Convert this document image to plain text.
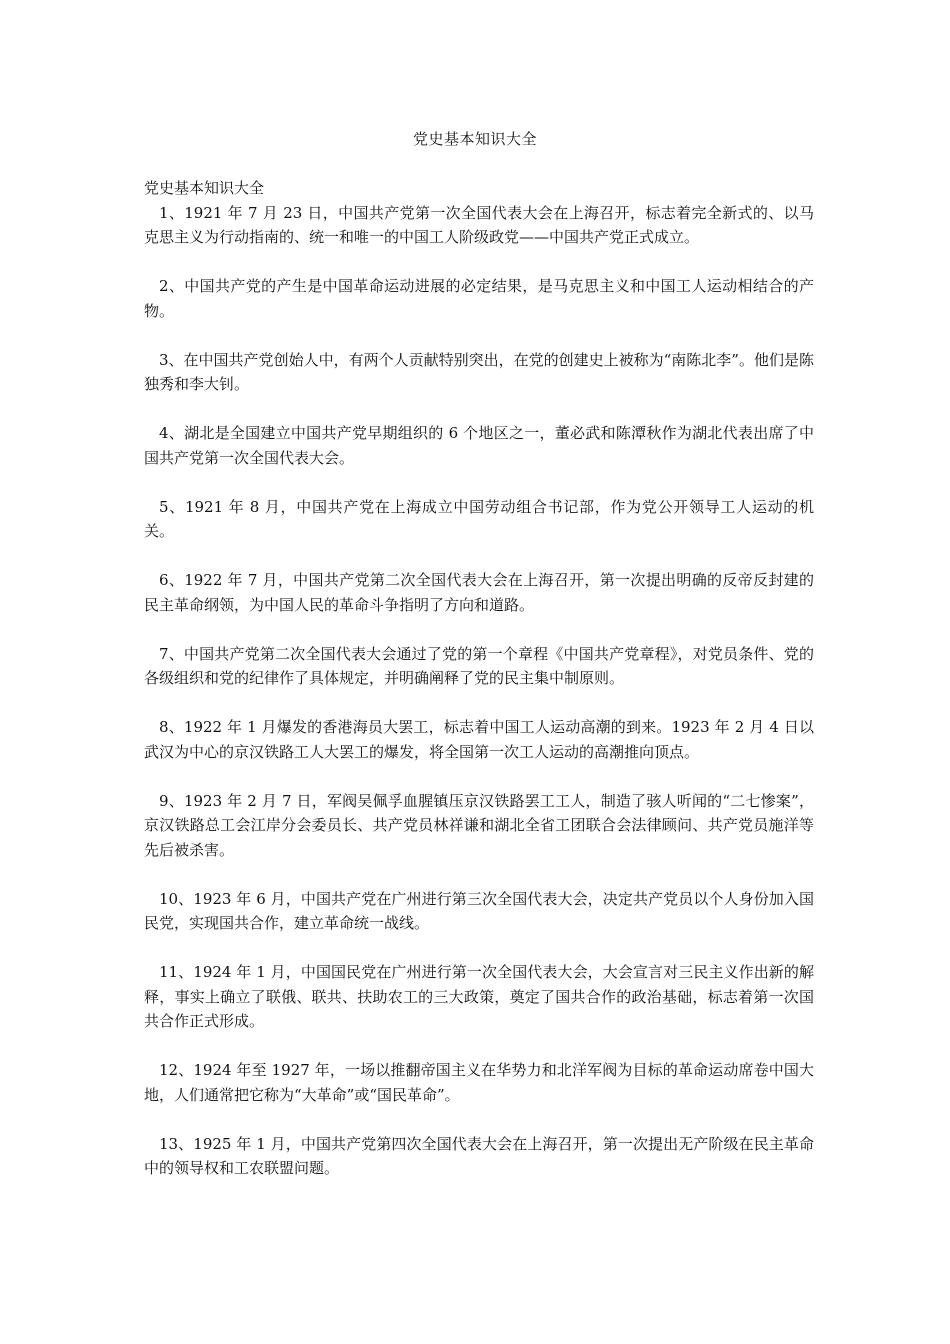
党史基本知识大全

党史基本知识大全

1、1921 年 7 月 23 日，中国共产党第一次全国代表大会在上海召开，标志着完全新式的、以马克思主义为行动指南的、统一和唯一的中国工人阶级政党——中国共产党正式成立。

2、中国共产党的产生是中国革命运动进展的必定结果，是马克思主义和中国工人运动相结合的产物。

3、在中国共产党创始人中，有两个人贡献特别突出，在党的创建史上被称为“南陈北李”。他们是陈独秀和李大钊。

4、湖北是全国建立中国共产党早期组织的 6 个地区之一，董必武和陈潭秋作为湖北代表出席了中国共产党第一次全国代表大会。

5、1921 年 8 月，中国共产党在上海成立中国劳动组合书记部，作为党公开领导工人运动的机关。

6、1922 年 7 月，中国共产党第二次全国代表大会在上海召开，第一次提出明确的反帝反封建的民主革命纲领，为中国人民的革命斗争指明了方向和道路。

7、中国共产党第二次全国代表大会通过了党的第一个章程《中国共产党章程》，对党员条件、党的各级组织和党的纪律作了具体规定，并明确阐释了党的民主集中制原则。

8、1922 年 1 月爆发的香港海员大罢工，标志着中国工人运动高潮的到来。1923 年 2 月 4 日以武汉为中心的京汉铁路工人大罢工的爆发，将全国第一次工人运动的高潮推向顶点。

9、1923 年 2 月 7 日，军阀吴佩孚血腥镇压京汉铁路罢工工人，制造了骇人听闻的“二七惨案”，京汉铁路总工会江岸分会委员长、共产党员林祥谦和湖北全省工团联合会法律顾问、共产党员施洋等先后被杀害。

10、1923 年 6 月，中国共产党在广州进行第三次全国代表大会，决定共产党员以个人身份加入国民党，实现国共合作，建立革命统一战线。

11、1924 年 1 月，中国国民党在广州进行第一次全国代表大会，大会宣言对三民主义作出新的解释，事实上确立了联俄、联共、扶助农工的三大政策，奠定了国共合作的政治基础，标志着第一次国共合作正式形成。

12、1924 年至 1927 年，一场以推翻帝国主义在华势力和北洋军阀为目标的革命运动席卷中国大地，人们通常把它称为“大革命”或“国民革命”。

13、1925 年 1 月，中国共产党第四次全国代表大会在上海召开，第一次提出无产阶级在民主革命中的领导权和工农联盟问题。
